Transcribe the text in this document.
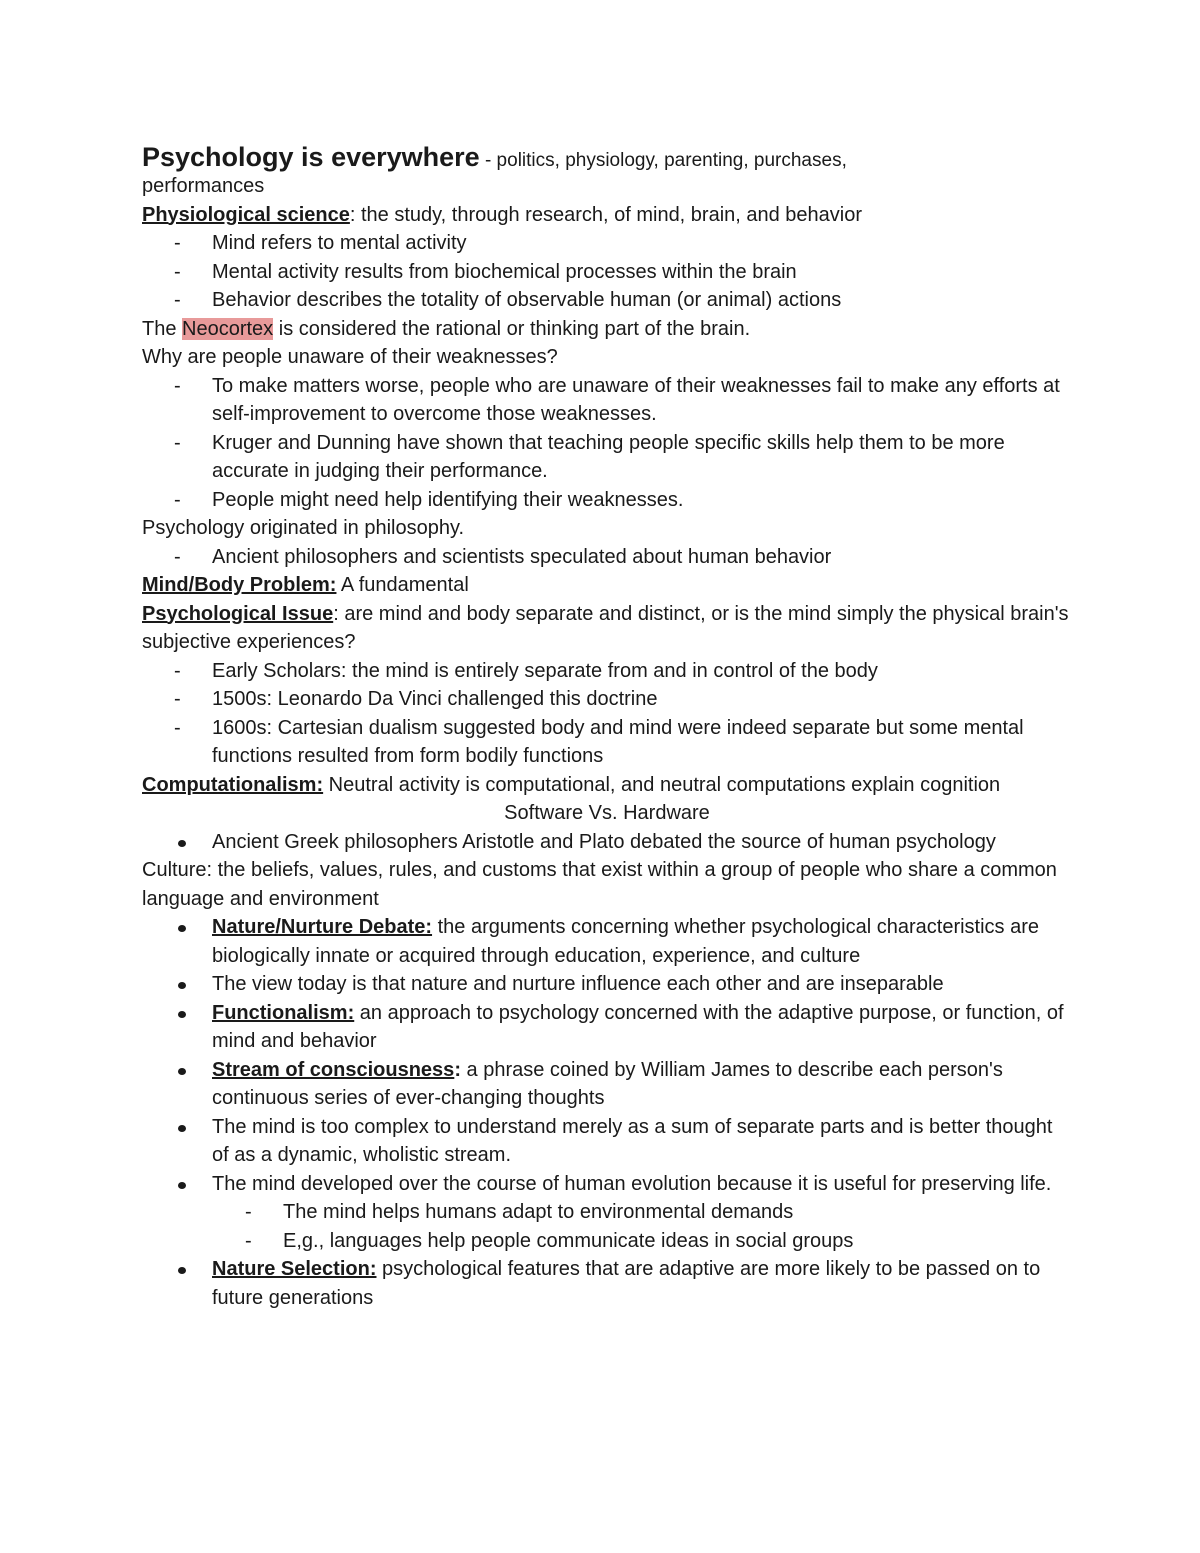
Psychology is everywhere - politics, physiology, parenting, purchases,

performances

Physiological science: the study, through research, of mind, brain, and behavior

- Mind refers to mental activity
- Mental activity results from biochemical processes within the brain
- Behavior describes the totality of observable human (or animal) actions

The Neocortex is considered the rational or thinking part of the brain.

Why are people unaware of their weaknesses?

- To make matters worse, people who are unaware of their weaknesses fail to make any efforts at self-improvement to overcome those weaknesses.
- Kruger and Dunning have shown that teaching people specific skills help them to be more accurate in judging their performance.
- People might need help identifying their weaknesses.

Psychology originated in philosophy.

- Ancient philosophers and scientists speculated about human behavior

Mind/Body Problem: A fundamental

Psychological Issue: are mind and body separate and distinct, or is the mind simply the physical brain's subjective experiences?

- Early Scholars: the mind is entirely separate from and in control of the body
- 1500s: Leonardo Da Vinci challenged this doctrine
- 1600s: Cartesian dualism suggested body and mind were indeed separate but some mental functions resulted from form bodily functions

Computationalism: Neutral activity is computational, and neutral computations explain cognition

Software Vs. Hardware

Ancient Greek philosophers Aristotle and Plato debated the source of human psychology

Culture: the beliefs, values, rules, and customs that exist within a group of people who share a common language and environment

Nature/Nurture Debate: the arguments concerning whether psychological characteristics are biologically innate or acquired through education, experience, and culture
The view today is that nature and nurture influence each other and are inseparable
Functionalism: an approach to psychology concerned with the adaptive purpose, or function, of mind and behavior
Stream of consciousness: a phrase coined by William James to describe each person's continuous series of ever-changing thoughts
The mind is too complex to understand merely as a sum of separate parts and is better thought of as a dynamic, wholistic stream.
The mind developed over the course of human evolution because it is useful for preserving life.
- The mind helps humans adapt to environmental demands
- E,g., languages help people communicate ideas in social groups
Nature Selection: psychological features that are adaptive are more likely to be passed on to future generations
